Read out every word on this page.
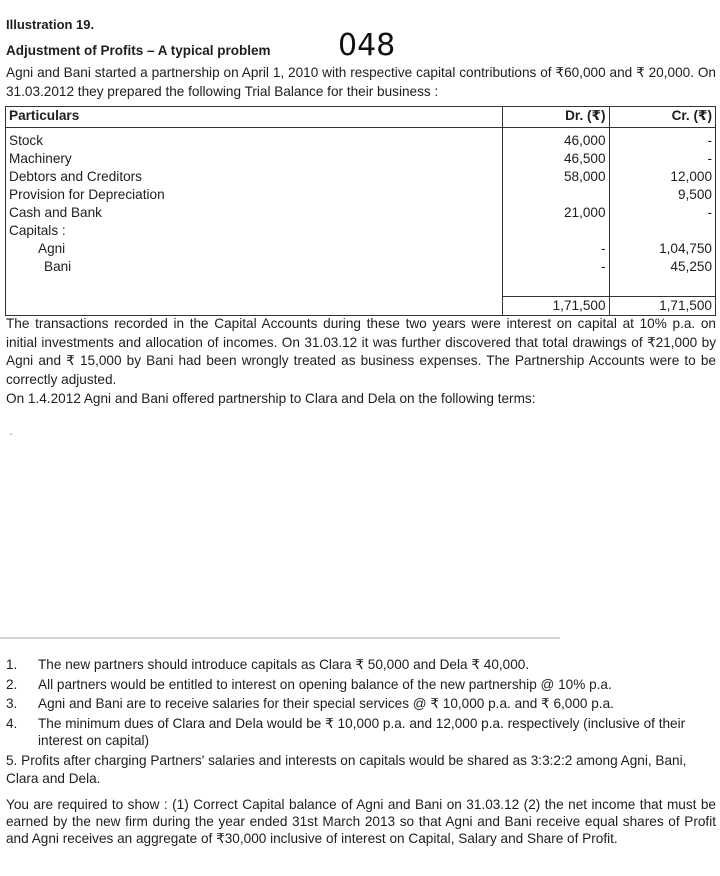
Illustration 19.
Adjustment of Profits – A typical problem 048
Agni and Bani started a partnership on April 1, 2010 with respective capital contributions of ₹60,000 and ₹ 20,000. On 31.03.2012 they prepared the following Trial Balance for their business :
Particulars	Dr. (₹)	Cr. (₹)
Stock	46,000	-
Machinery	46,500	-
Debtors and Creditors	58,000	12,000
Provision for Depreciation		9,500
Cash and Bank	21,000	-
Capitals :		
Agni	-	1,04,750
Bani	-	45,250

	1,71,500	1,71,500
The transactions recorded in the Capital Accounts during these two years were interest on capital at 10% p.a. on initial investments and allocation of incomes. On 31.03.12 it was further discovered that total drawings of ₹21,000 by Agni and ₹ 15,000 by Bani had been wrongly treated as business expenses. The Partnership Accounts were to be correctly adjusted.
On 1.4.2012 Agni and Bani offered partnership to Clara and Dela on the following terms:
1. The new partners should introduce capitals as Clara ₹ 50,000 and Dela ₹ 40,000.
2. All partners would be entitled to interest on opening balance of the new partnership @ 10% p.a.
3. Agni and Bani are to receive salaries for their special services @ ₹ 10,000 p.a. and ₹ 6,000 p.a.
4. The minimum dues of Clara and Dela would be ₹ 10,000 p.a. and 12,000 p.a. respectively (inclusive of their interest on capital)
5. Profits after charging Partners' salaries and interests on capitals would be shared as 3:3:2:2 among Agni, Bani, Clara and Dela.
You are required to show : (1) Correct Capital balance of Agni and Bani on 31.03.12 (2) the net income that must be earned by the new firm during the year ended 31st March 2013 so that Agni and Bani receive equal shares of Profit and Agni receives an aggregate of ₹30,000 inclusive of interest on Capital, Salary and Share of Profit.
